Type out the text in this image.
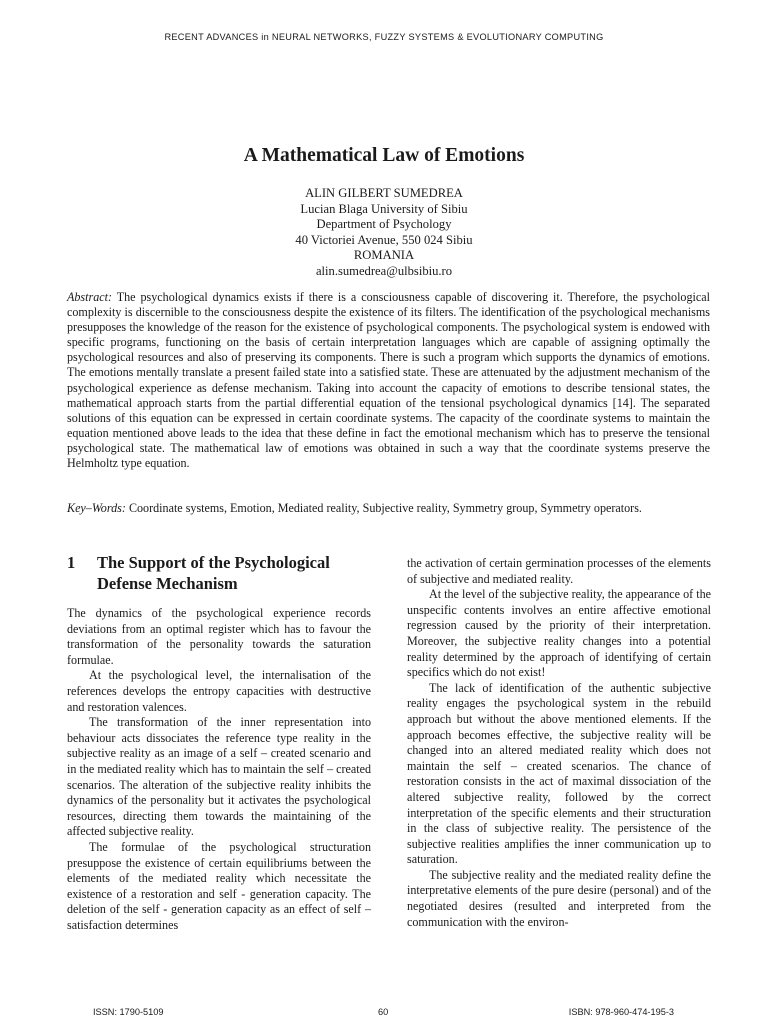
RECENT ADVANCES in NEURAL NETWORKS, FUZZY SYSTEMS & EVOLUTIONARY COMPUTING
A Mathematical Law of Emotions
ALIN GILBERT SUMEDREA
Lucian Blaga University of Sibiu
Department of Psychology
40 Victoriei Avenue, 550 024 Sibiu
ROMANIA
alin.sumedrea@ulbsibiu.ro
Abstract: The psychological dynamics exists if there is a consciousness capable of discovering it. Therefore, the psychological complexity is discernible to the consciousness despite the existence of its filters. The identification of the psychological mechanisms presupposes the knowledge of the reason for the existence of psychological components. The psychological system is endowed with specific programs, functioning on the basis of certain interpretation languages which are capable of assigning optimally the psychological resources and also of preserving its components. There is such a program which supports the dynamics of emotions. The emotions mentally translate a present failed state into a satisfied state. These are attenuated by the adjustment mechanism of the psychological experience as defense mechanism. Taking into account the capacity of emotions to describe tensional states, the mathematical approach starts from the partial differential equation of the tensional psychological dynamics [14]. The separated solutions of this equation can be expressed in certain coordinate systems. The capacity of the coordinate systems to maintain the equation mentioned above leads to the idea that these define in fact the emotional mechanism which has to preserve the tensional psychological state. The mathematical law of emotions was obtained in such a way that the coordinate systems preserve the Helmholtz type equation.
Key–Words: Coordinate systems, Emotion, Mediated reality, Subjective reality, Symmetry group, Symmetry operators.
1	The Support of the Psychological
Defense Mechanism

The dynamics of the psychological experience records deviations from an optimal register which has to favour the transformation of the personality towards the saturation formulae.

At the psychological level, the internalisation of the references develops the entropy capacities with destructive and restoration valences.

The transformation of the inner representation into behaviour acts dissociates the reference type reality in the subjective reality as an image of a self – created scenario and in the mediated reality which has to maintain the self – created scenarios. The alteration of the subjective reality inhibits the dynamics of the personality but it activates the psychological resources, directing them towards the maintaining of the affected subjective reality.

The formulae of the psychological structuration presuppose the existence of certain equilibriums between the elements of the mediated reality which necessitate the existence of a restoration and self - generation capacity. The deletion of the self - generation capacity as an effect of self – satisfaction determines

the activation of certain germination processes of the elements of subjective and mediated reality.

At the level of the subjective reality, the appearance of the unspecific contents involves an entire affective emotional regression caused by the priority of their interpretation. Moreover, the subjective reality changes into a potential reality determined by the approach of identifying of certain specifics which do not exist!

The lack of identification of the authentic subjective reality engages the psychological system in the rebuild approach but without the above mentioned elements. If the approach becomes effective, the subjective reality will be changed into an altered mediated reality which does not maintain the self – created scenarios. The chance of restoration consists in the act of maximal dissociation of the altered subjective reality, followed by the correct interpretation of the specific elements and their structuration in the class of subjective reality. The persistence of the subjective realities amplifies the inner communication up to saturation.

The subjective reality and the mediated reality define the interpretative elements of the pure desire (personal) and of the negotiated desires (resulted and interpreted from the communication with the environ-

ISSN: 1790-5109	60	ISBN: 978-960-474-195-3
